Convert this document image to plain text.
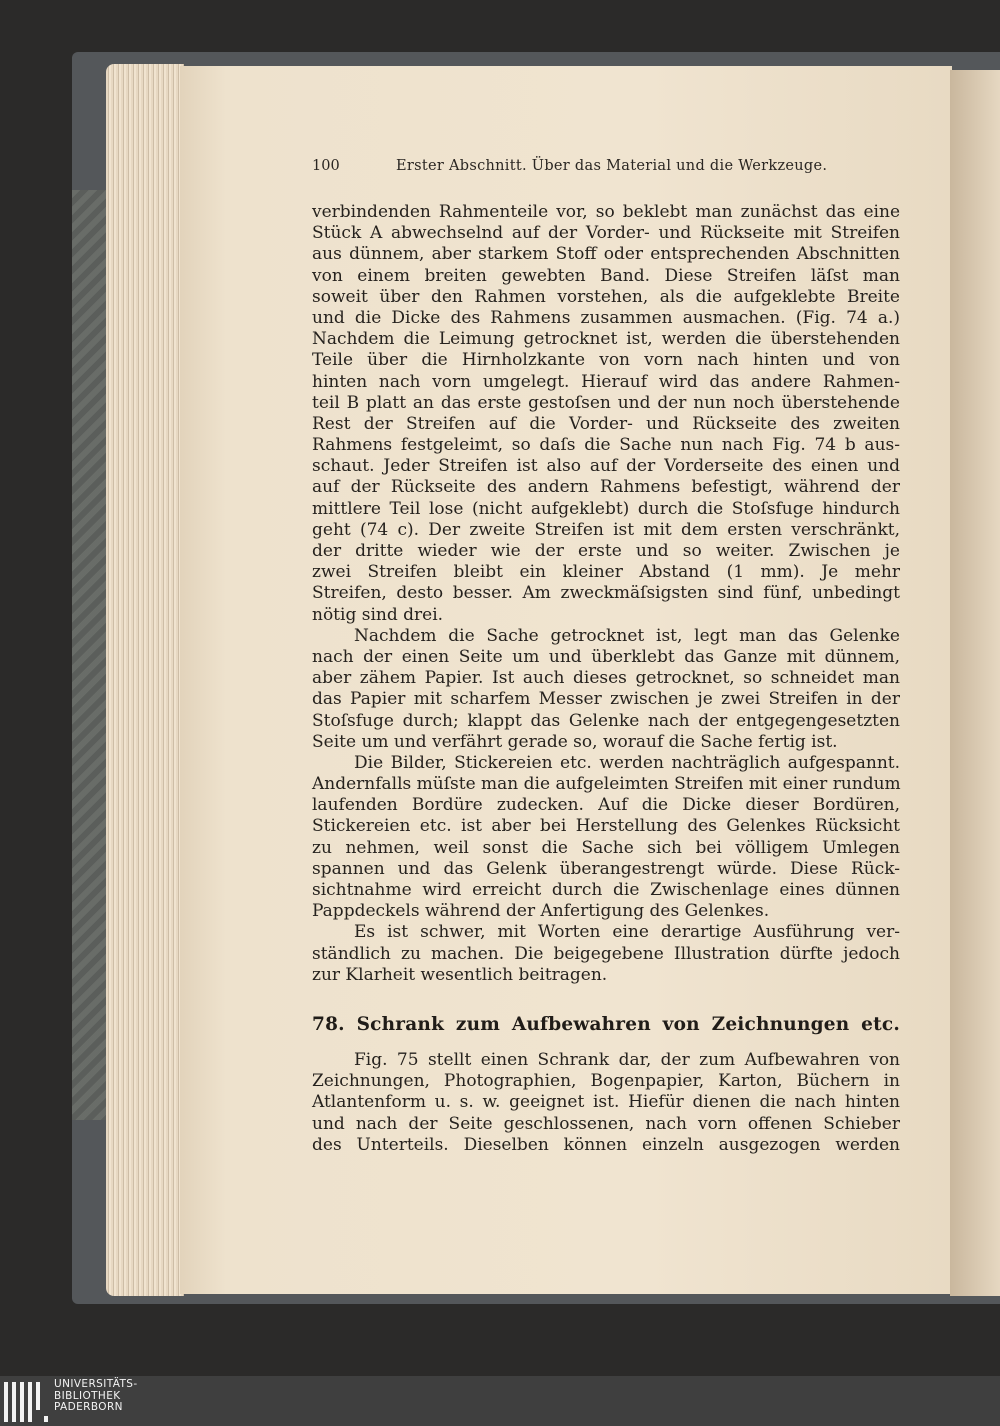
100	Erster Abschnitt. Über das Material und die Werkzeuge.
verbindenden Rahmenteile vor, so beklebt man zunächst das eine
Stück A abwechselnd auf der Vorder- und Rückseite mit Streifen
aus dünnem, aber starkem Stoff oder entsprechenden Abschnitten
von einem breiten gewebten Band. Diese Streifen läſst man
soweit über den Rahmen vorstehen, als die aufgeklebte Breite
und die Dicke des Rahmens zusammen ausmachen. (Fig. 74 a.)
Nachdem die Leimung getrocknet ist, werden die überstehenden
Teile über die Hirnholzkante von vorn nach hinten und von
hinten nach vorn umgelegt. Hierauf wird das andere Rahmen-
teil B platt an das erste gestoſsen und der nun noch überstehende
Rest der Streifen auf die Vorder- und Rückseite des zweiten
Rahmens festgeleimt, so daſs die Sache nun nach Fig. 74 b aus-
schaut. Jeder Streifen ist also auf der Vorderseite des einen und
auf der Rückseite des andern Rahmens befestigt, während der
mittlere Teil lose (nicht aufgeklebt) durch die Stoſsfuge hindurch
geht (74 c). Der zweite Streifen ist mit dem ersten verschränkt,
der dritte wieder wie der erste und so weiter. Zwischen je
zwei Streifen bleibt ein kleiner Abstand (1 mm). Je mehr
Streifen, desto besser. Am zweckmäſsigsten sind fünf, unbedingt
nötig sind drei.
Nachdem die Sache getrocknet ist, legt man das Gelenke
nach der einen Seite um und überklebt das Ganze mit dünnem,
aber zähem Papier. Ist auch dieses getrocknet, so schneidet man
das Papier mit scharfem Messer zwischen je zwei Streifen in der
Stoſsfuge durch; klappt das Gelenke nach der entgegengesetzten
Seite um und verfährt gerade so, worauf die Sache fertig ist.
Die Bilder, Stickereien etc. werden nachträglich aufgespannt.
Andernfalls müſste man die aufgeleimten Streifen mit einer rundum
laufenden Bordüre zudecken. Auf die Dicke dieser Bordüren,
Stickereien etc. ist aber bei Herstellung des Gelenkes Rücksicht
zu nehmen, weil sonst die Sache sich bei völligem Umlegen
spannen und das Gelenk überangestrengt würde. Diese Rück-
sichtnahme wird erreicht durch die Zwischenlage eines dünnen
Pappdeckels während der Anfertigung des Gelenkes.
Es ist schwer, mit Worten eine derartige Ausführung ver-
ständlich zu machen. Die beigegebene Illustration dürfte jedoch
zur Klarheit wesentlich beitragen.
78. Schrank zum Aufbewahren von Zeichnungen etc.
Fig. 75 stellt einen Schrank dar, der zum Aufbewahren von
Zeichnungen, Photographien, Bogenpapier, Karton, Büchern in
Atlantenform u. s. w. geeignet ist. Hiefür dienen die nach hinten
und nach der Seite geschlossenen, nach vorn offenen Schieber
des Unterteils. Dieselben können einzeln ausgezogen werden
UNIVERSITÄTS-
BIBLIOTHEK
PADERBORN
